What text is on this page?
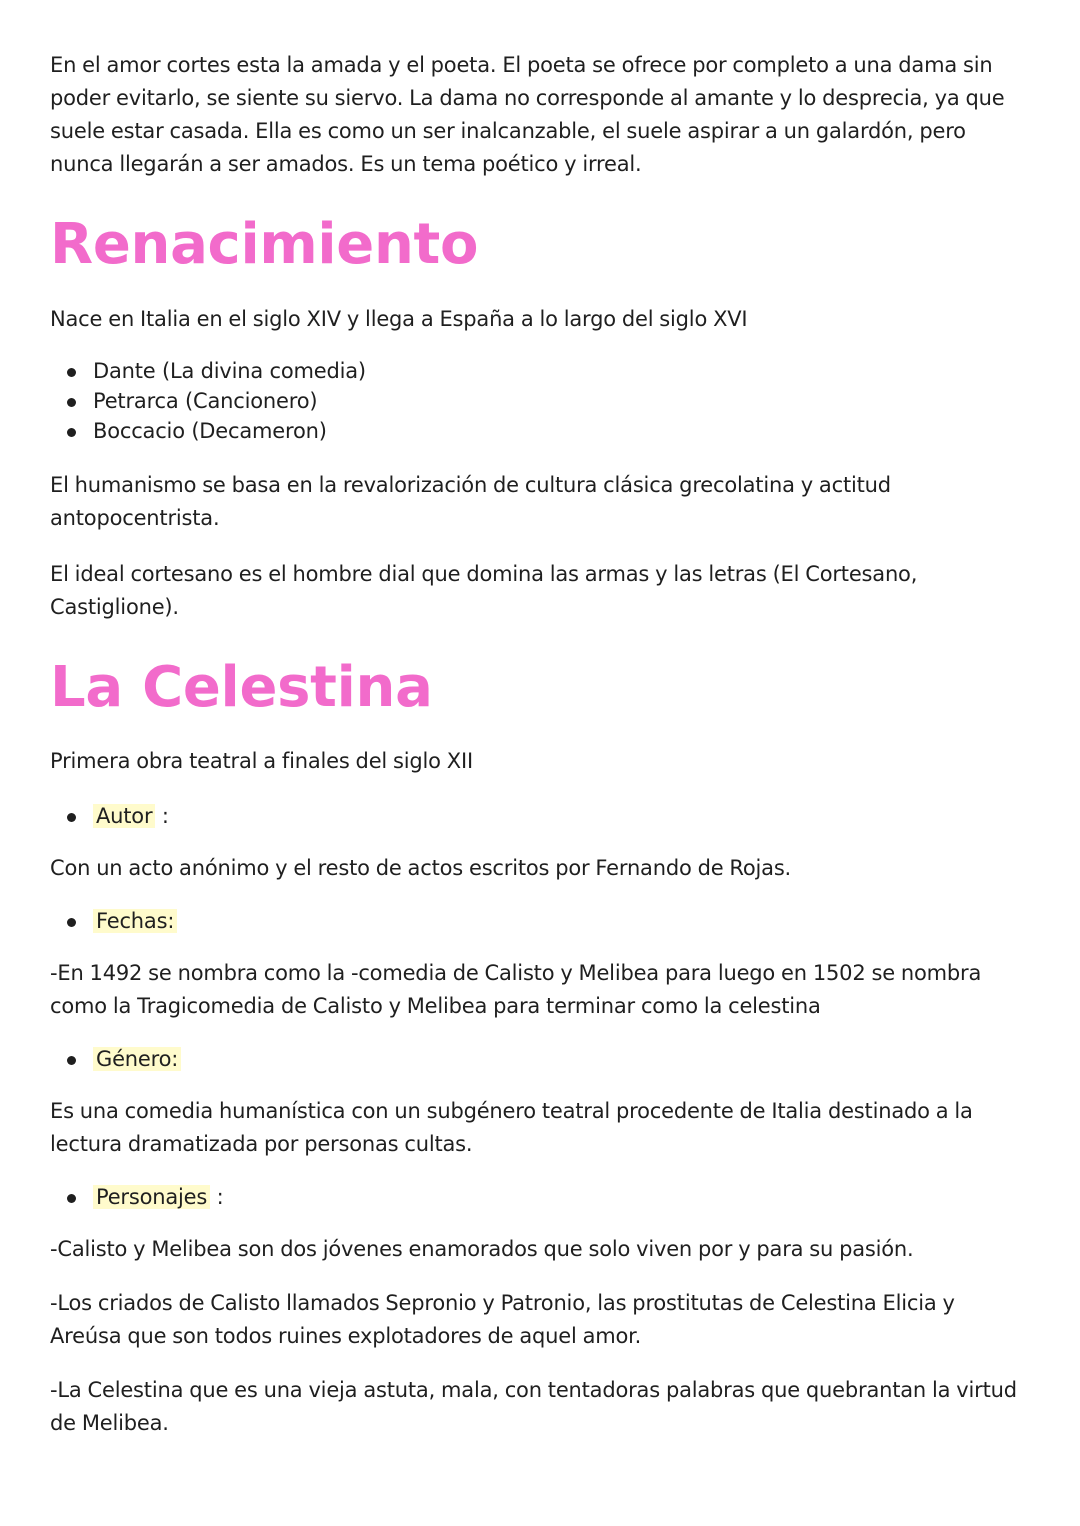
En el amor cortes esta la amada y el poeta. El poeta se ofrece por completo a una dama sin poder evitarlo, se siente su siervo. La dama no corresponde al amante y lo desprecia, ya que suele estar casada. Ella es como un ser inalcanzable, el suele aspirar a un galardón, pero nunca llegarán a ser amados. Es un tema poético y irreal.

Renacimiento

Nace en Italia en el siglo XIV y llega a España a lo largo del siglo XVI

Dante (La divina comedia)
Petrarca (Cancionero)
Boccacio (Decameron)

El humanismo se basa en la revalorización de cultura clásica grecolatina y actitud antopocentrista.

El ideal cortesano es el hombre dial que domina las armas y las letras (El Cortesano, Castiglione).

La Celestina

Primera obra teatral a finales del siglo XII

Autor :

Con un acto anónimo y el resto de actos escritos por Fernando de Rojas.

Fechas:

-En 1492 se nombra como la -comedia de Calisto y Melibea para luego en 1502 se nombra como la Tragicomedia de Calisto y Melibea para terminar como la celestina

Género:

Es una comedia humanística con un subgénero teatral procedente de Italia destinado a la lectura dramatizada por personas cultas.

Personajes :

-Calisto y Melibea son dos jóvenes enamorados que solo viven por y para su pasión.

-Los criados de Calisto llamados Sepronio y Patronio, las prostitutas de Celestina Elicia y Areúsa que son todos ruines explotadores de aquel amor.

-La Celestina que es una vieja astuta, mala, con tentadoras palabras que quebrantan la virtud de Melibea.
